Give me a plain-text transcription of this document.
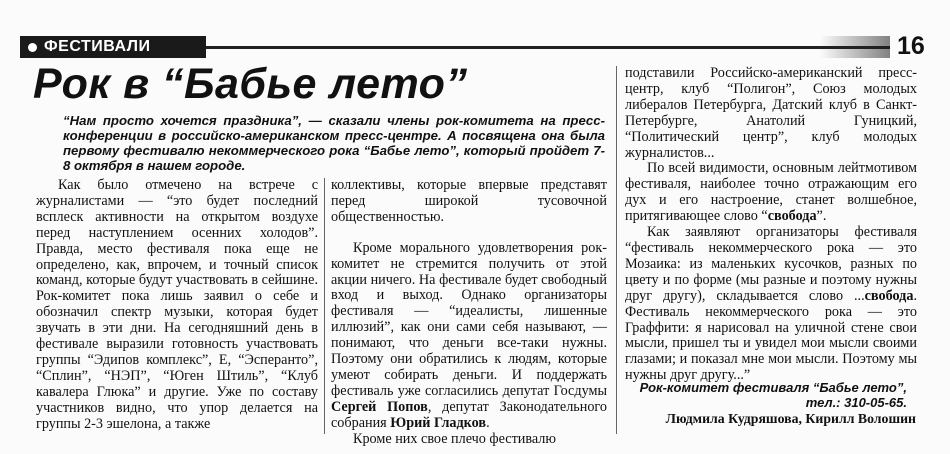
ФЕСТИВАЛИ	16
Рок в “Бабье лето”

“Нам просто хочется праздника”, — сказали члены рок-комитета на пресс-конференции в российско-американском пресс-центре. А посвящена она была первому фестивалю некоммерческого рока “Бабье лето”, который пройдет 7-8 октября в нашем городе.

Как было отмечено на встрече с журналистами — “это будет последний всплеск активности на открытом воздухе перед наступлением осенних холодов”. Правда, место фестиваля пока еще не определено, как, впрочем, и точный список команд, которые будут участвовать в сейшине. Рок-комитет пока лишь заявил о себе и обозначил спектр музыки, которая будет звучать в эти дни. На сегодняшний день в фестивале выразили готовность участвовать группы “Эдипов комплекс”, Е, “Эсперанто”, “Сплин”, “НЭП”, “Юген Штиль”, “Клуб кавалера Глюка” и другие. Уже по составу участников видно, что упор делается на группы 2-3 эшелона, а также

коллективы, которые впервые представят перед широкой тусовочной общественностью.

Кроме морального удовлетворения рок-комитет не стремится получить от этой акции ничего. На фестивале будет свободный вход и выход. Однако организаторы фестиваля — “идеалисты, лишенные иллюзий”, как они сами себя называют, — понимают, что деньги все-таки нужны. Поэтому они обратились к людям, которые умеют собирать деньги. И поддержать фестиваль уже согласились депутат Госдумы Сергей Попов, депутат Законодательного собрания Юрий Гладков.

Кроме них свое плечо фестивалю

подставили Российско-американский пресс-центр, клуб “Полигон”, Союз молодых либералов Петербурга, Датский клуб в Санкт-Петербурге, Анатолий Гуницкий, “Политический центр”, клуб молодых журналистов...

По всей видимости, основным лейтмотивом фестиваля, наиболее точно отражающим его дух и его настроение, станет волшебное, притягивающее слово “свобода”.

Как заявляют организаторы фестиваля “фестиваль некоммерческого рока — это Мозаика: из маленьких кусочков, разных по цвету и по форме (мы разные и поэтому нужны друг другу), складывается слово ...свобода. Фестиваль некоммерческого рока — это Граффити: я нарисовал на уличной стене свои мысли, пришел ты и увидел мои мысли своими глазами; и показал мне мои мысли. Поэтому мы нужны друг другу...”

Рок-комитет фестиваля “Бабье лето”, тел.: 310-05-65.

Людмила Кудряшова, Кирилл Волошин
